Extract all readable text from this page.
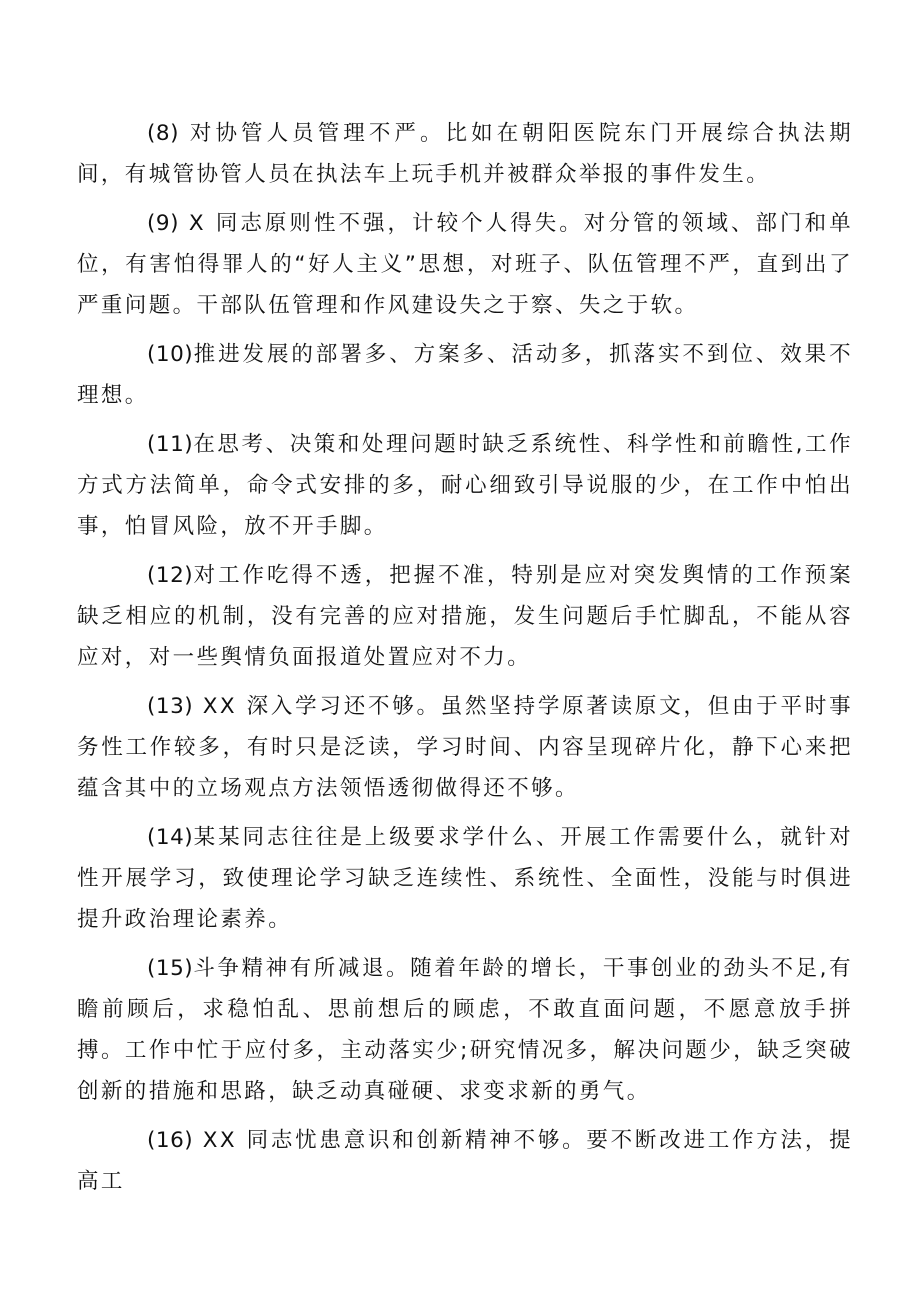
(8) 对协管人员管理不严。比如在朝阳医院东门开展综合执法期间，有城管协管人员在执法车上玩手机并被群众举报的事件发生。

(9) X 同志原则性不强，计较个人得失。对分管的领域、部门和单位，有害怕得罪人的“好人主义”思想，对班子、队伍管理不严，直到出了严重问题。干部队伍管理和作风建设失之于察、失之于软。

(10)推进发展的部署多、方案多、活动多，抓落实不到位、效果不理想。

(11)在思考、决策和处理问题时缺乏系统性、科学性和前瞻性,工作方式方法简单，命令式安排的多，耐心细致引导说服的少，在工作中怕出事，怕冒风险，放不开手脚。

(12)对工作吃得不透，把握不准，特别是应对突发舆情的工作预案缺乏相应的机制，没有完善的应对措施，发生问题后手忙脚乱，不能从容应对，对一些舆情负面报道处置应对不力。

(13) XX 深入学习还不够。虽然坚持学原著读原文，但由于平时事务性工作较多，有时只是泛读，学习时间、内容呈现碎片化，静下心来把蕴含其中的立场观点方法领悟透彻做得还不够。

(14)某某同志往往是上级要求学什么、开展工作需要什么，就针对性开展学习，致使理论学习缺乏连续性、系统性、全面性，没能与时俱进提升政治理论素养。

(15)斗争精神有所减退。随着年龄的增长，干事创业的劲头不足,有瞻前顾后，求稳怕乱、思前想后的顾虑，不敢直面问题，不愿意放手拼搏。工作中忙于应付多，主动落实少;研究情况多，解决问题少，缺乏突破创新的措施和思路，缺乏动真碰硬、求变求新的勇气。

(16) XX 同志忧患意识和创新精神不够。要不断改进工作方法，提高工
